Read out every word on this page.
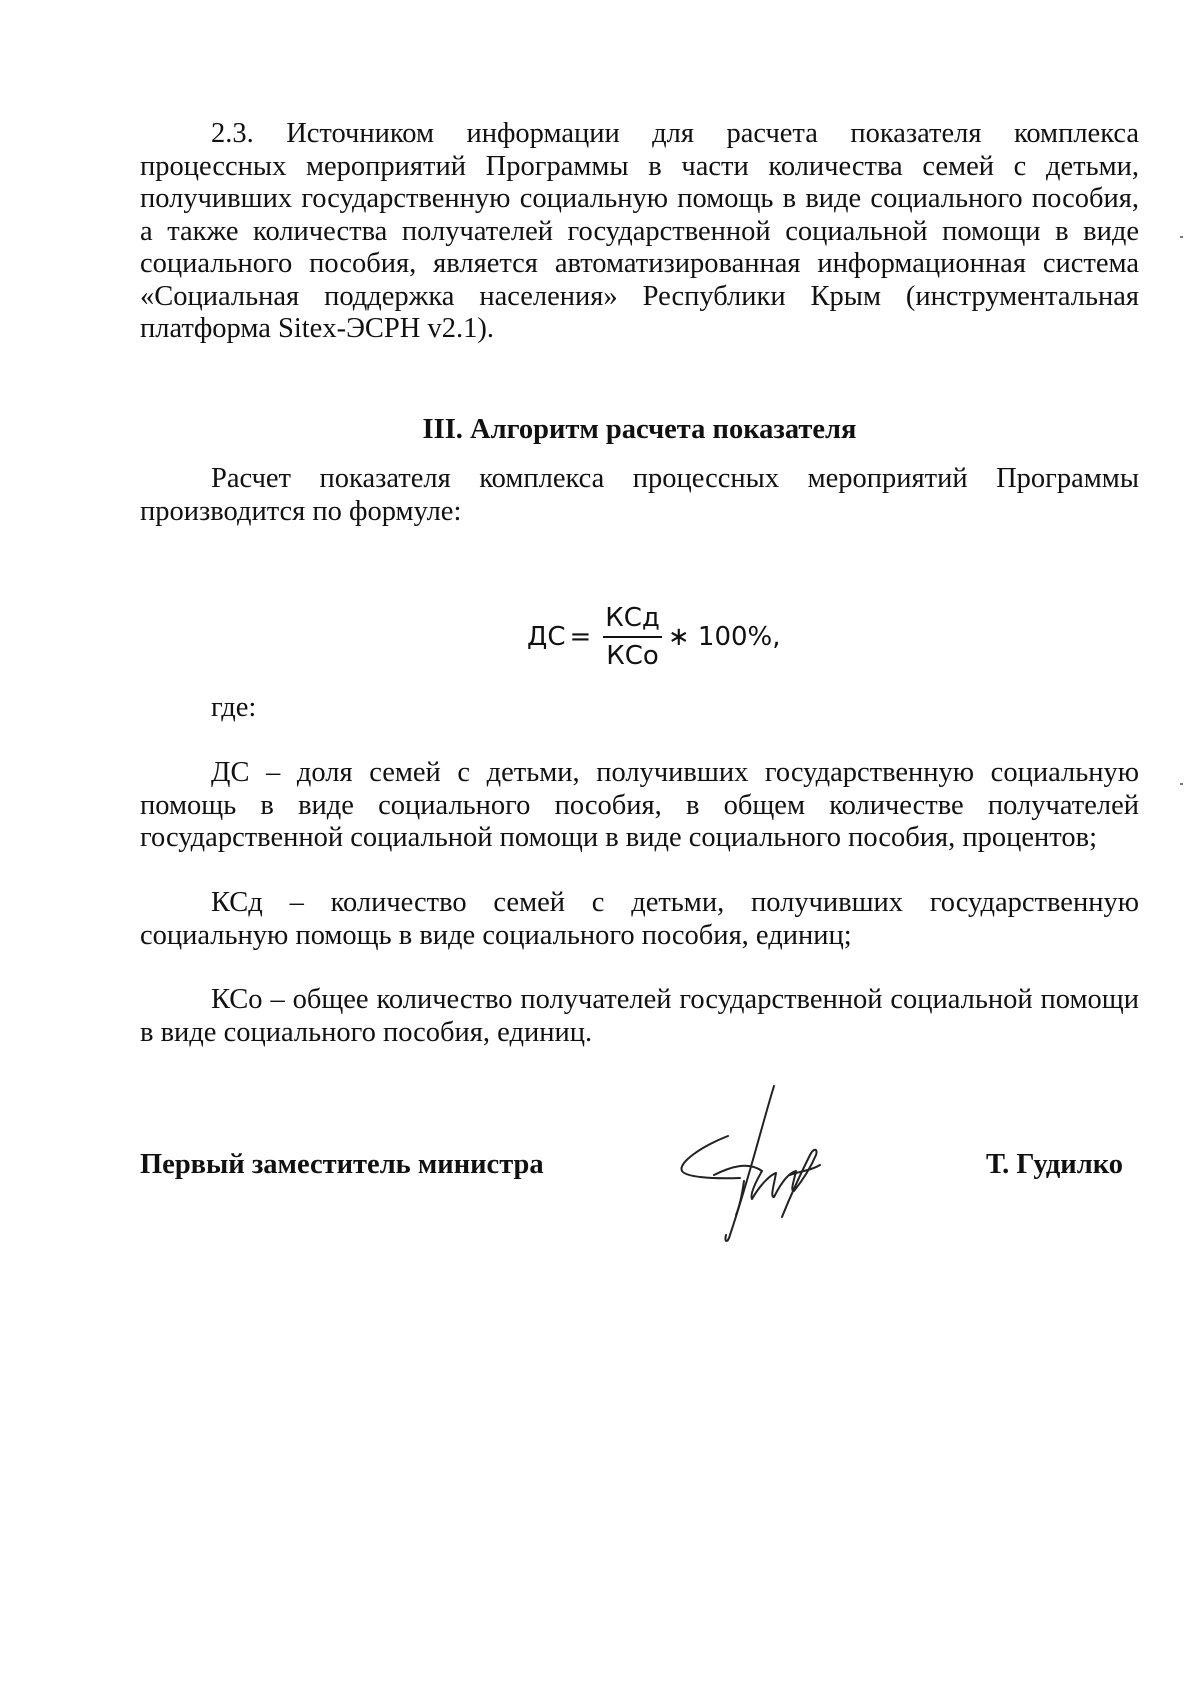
2.3. Источником информации для расчета показателя комплекса процессных мероприятий Программы в части количества семей с детьми, получивших государственную социальную помощь в виде социального пособия, а также количества получателей государственной социальной помощи в виде социального пособия, является автоматизированная информационная система «Социальная поддержка населения» Республики Крым (инструментальная платформа Sitex-ЭСРН v2.1).

III. Алгоритм расчета показателя

Расчет показателя комплекса процессных мероприятий Программы производится по формуле:

ДС = $\frac{\text{КСд}}{\text{КСо}}$ ∗ 100%,

где:

ДС – доля семей с детьми, получивших государственную социальную помощь в виде социального пособия, в общем количестве получателей государственной социальной помощи в виде социального пособия, процентов;

КСд – количество семей с детьми, получивших государственную социальную помощь в виде социального пособия, единиц;

КСо – общее количество получателей государственной социальной помощи в виде социального пособия, единиц.

Первый заместитель министра	Т. Гудилко
